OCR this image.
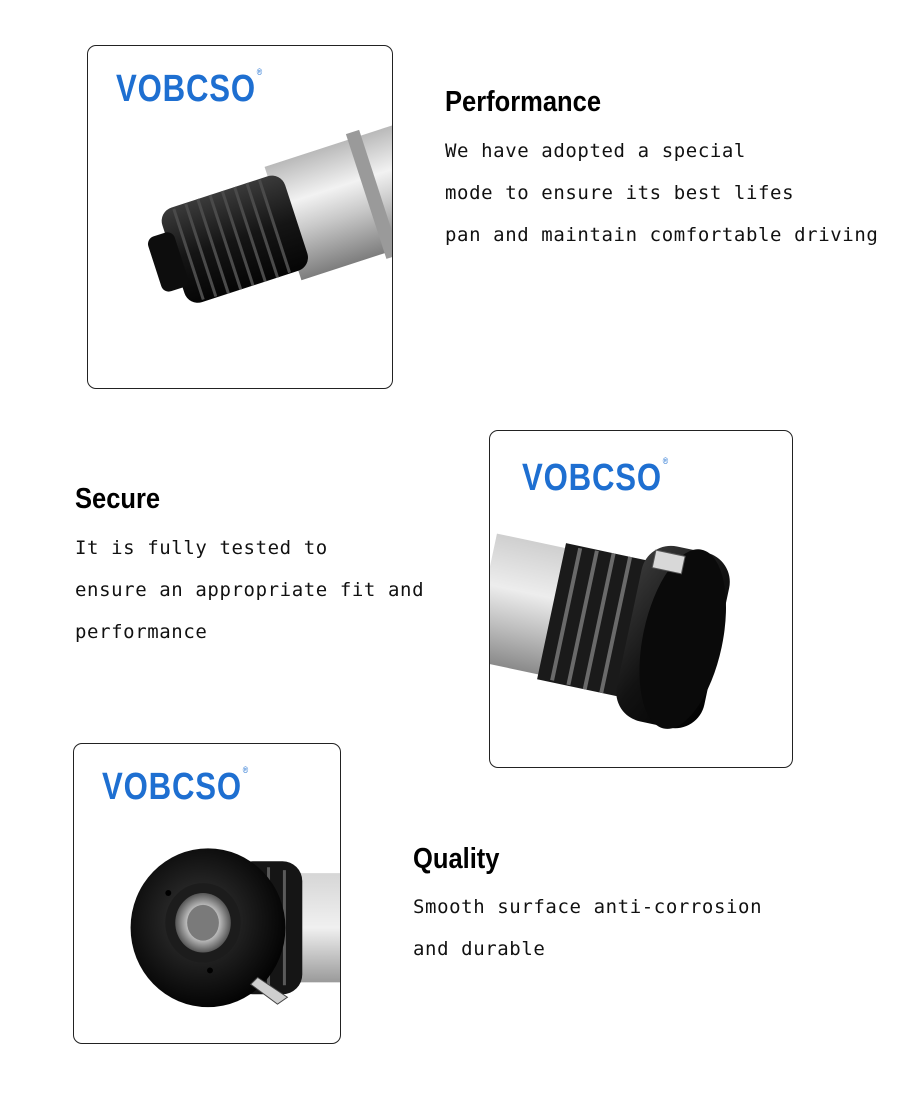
VOBCSO®
Performance
We have adopted a special
mode to ensure its best lifes
pan and maintain comfortable driving
Secure
It is fully tested to
ensure an appropriate fit and
performance
VOBCSO®
VOBCSO®
Quality
Smooth surface anti-corrosion
and durable
